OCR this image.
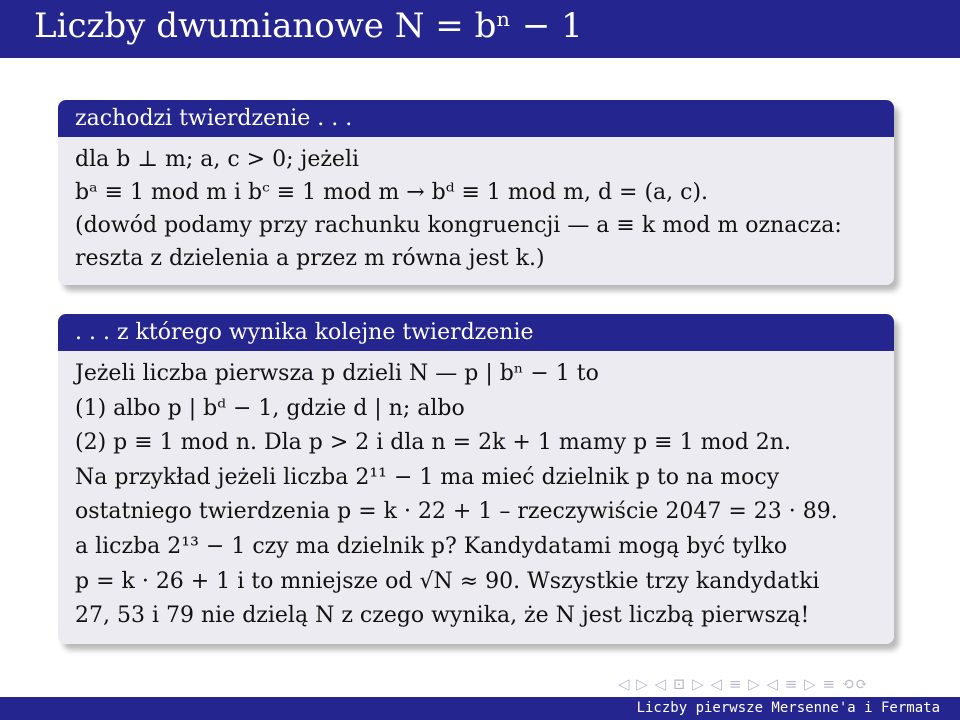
Liczby dwumianowe N = bⁿ − 1
zachodzi twierdzenie . . .
dla b ⊥ m; a, c > 0; jeżeli
bᵃ ≡ 1 mod m i bᶜ ≡ 1 mod m → bᵈ ≡ 1 mod m, d = (a, c).
(dowód podamy przy rachunku kongruencji — a ≡ k mod m oznacza:
reszta z dzielenia a przez m równa jest k.)
. . . z którego wynika kolejne twierdzenie
Jeżeli liczba pierwsza p dzieli N — p | bⁿ − 1 to
(1) albo p | bᵈ − 1, gdzie d | n; albo
(2) p ≡ 1 mod n. Dla p > 2 i dla n = 2k + 1 mamy p ≡ 1 mod 2n.
Na przykład jeżeli liczba 2¹¹ − 1 ma mieć dzielnik p to na mocy
ostatniego twierdzenia p = k · 22 + 1 – rzeczywiście 2047 = 23 · 89.
a liczba 2¹³ − 1 czy ma dzielnik p? Kandydatami mogą być tylko
p = k · 26 + 1 i to mniejsze od √N ≈ 90. Wszystkie trzy kandydatki
27, 53 i 79 nie dzielą N z czego wynika, że N jest liczbą pierwszą!
◁ ▷ ◁ ⊡ ▷ ◁ ≡ ▷ ◁ ≡ ▷ ≡ ⟲⟳
Liczby pierwsze Mersenne'a i Fermata
